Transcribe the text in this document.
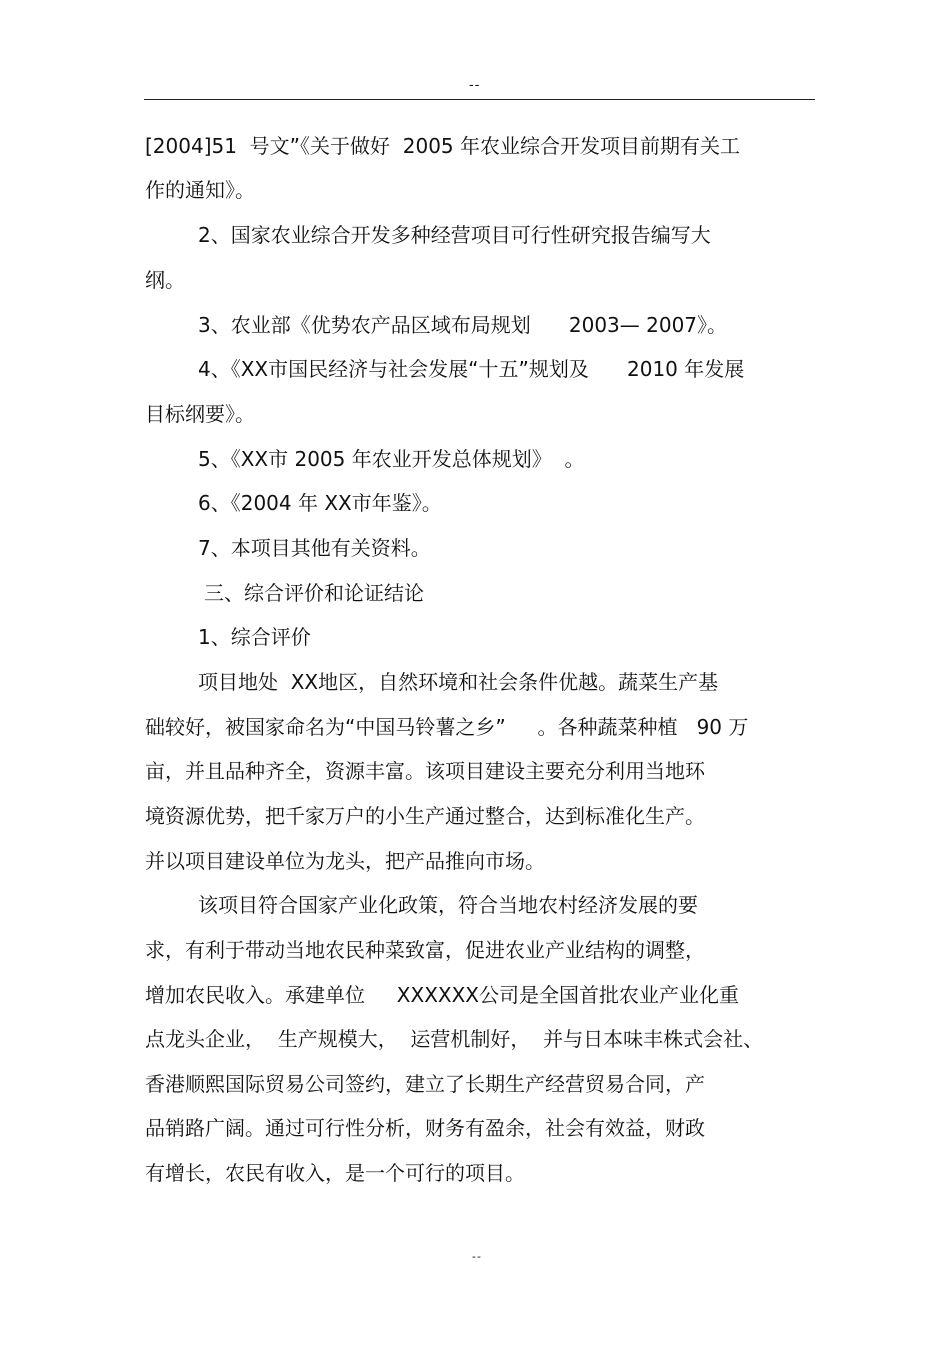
--
[2004]51  号文”《关于做好  2005 年农业综合开发项目前期有关工
作的通知》。
2、国家农业综合开发多种经营项目可行性研究报告编写大
纲。
3、农业部《优势农产品区域布局规划      2003— 2007》。
4、《XX市国民经济与社会发展“十五”规划及      2010 年发展
目标纲要》。
5、《XX市 2005 年农业开发总体规划》  。
6、《2004 年 XX市年鉴》。
7、本项目其他有关资料。
三、综合评价和论证结论
1、综合评价
项目地处  XX地区，自然环境和社会条件优越。蔬菜生产基
础较好，被国家命名为“中国马铃薯之乡”     。各种蔬菜种植   90 万
亩，并且品种齐全，资源丰富。该项目建设主要充分利用当地环
境资源优势，把千家万户的小生产通过整合，达到标准化生产。
并以项目建设单位为龙头，把产品推向市场。
该项目符合国家产业化政策，符合当地农村经济发展的要
求，有利于带动当地农民种菜致富，促进农业产业结构的调整，
增加农民收入。承建单位     XXXXXX公司是全国首批农业产业化重
点龙头企业，  生产规模大，  运营机制好，  并与日本味丰株式会社、
香港顺熙国际贸易公司签约，建立了长期生产经营贸易合同，产
品销路广阔。通过可行性分析，财务有盈余，社会有效益，财政
有增长，农民有收入，是一个可行的项目。
--
